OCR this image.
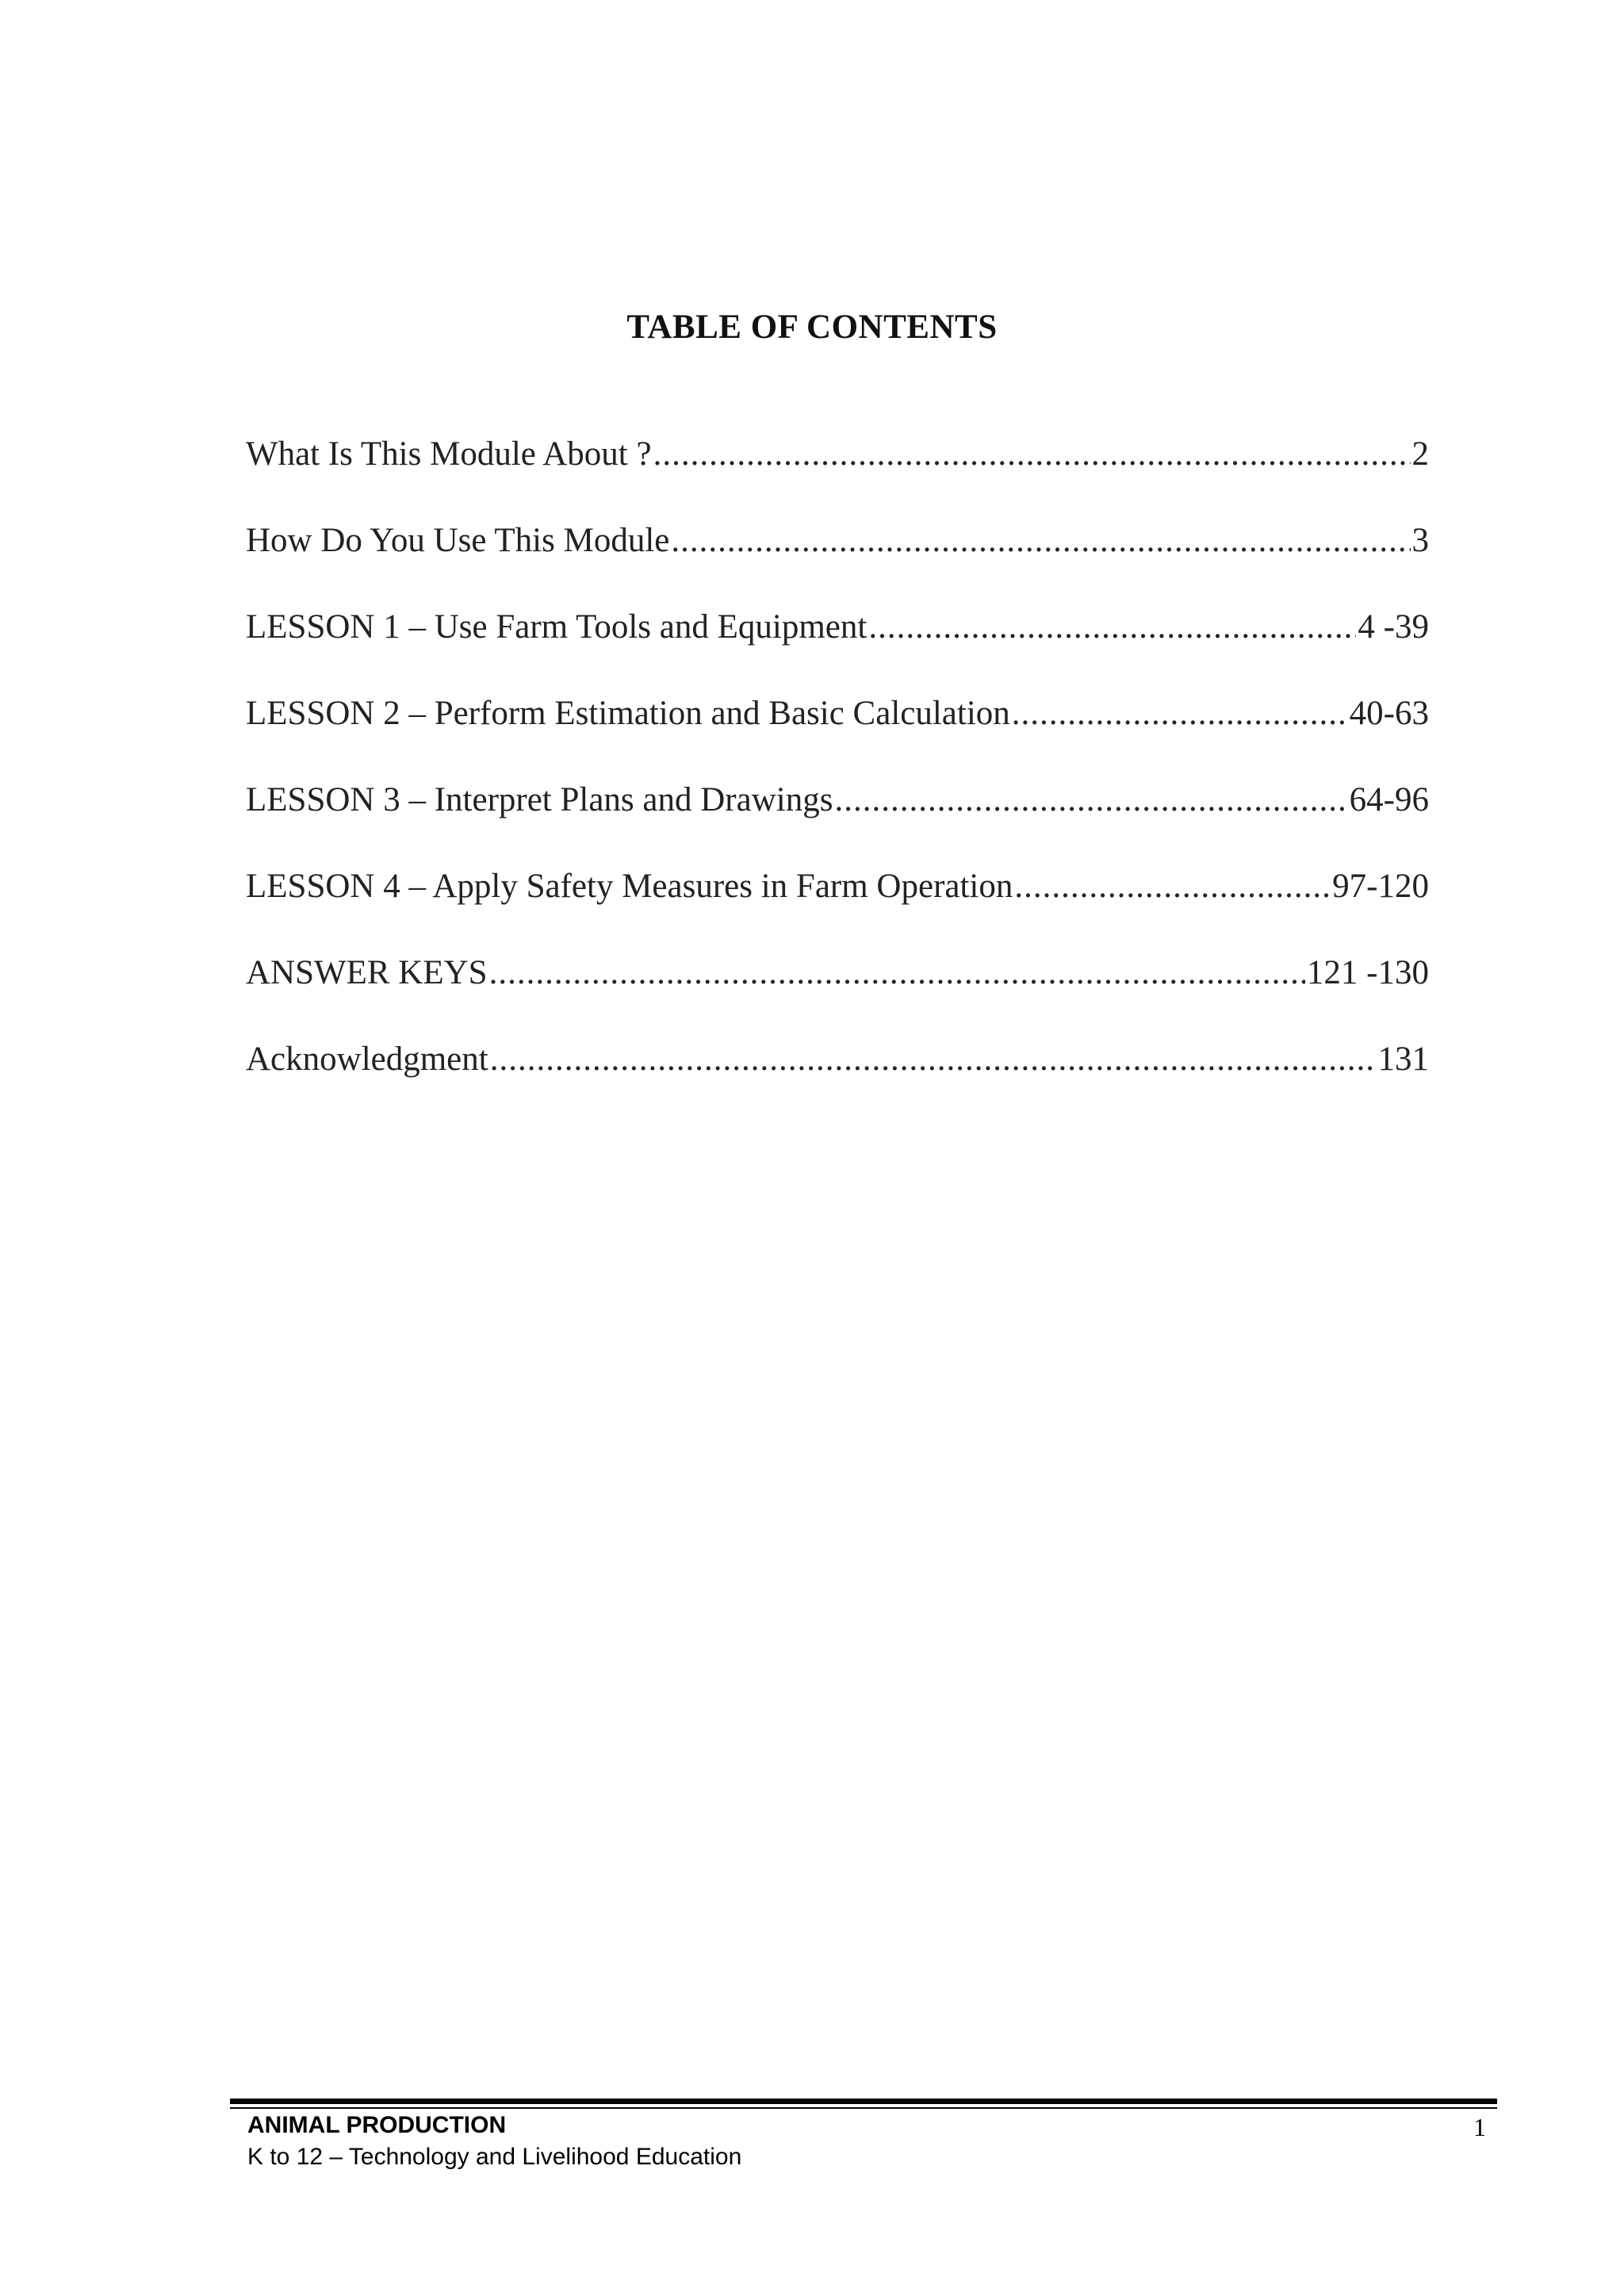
TABLE OF CONTENTS
What Is This Module About ? .....	2
How Do You Use This Module .....	3
LESSON 1 – Use Farm Tools and Equipment .....	4 -39
LESSON 2 – Perform Estimation and Basic Calculation .....	40-63
LESSON 3 – Interpret Plans and Drawings .....	64-96
LESSON 4 – Apply Safety Measures in Farm Operation .....	97-120
ANSWER KEYS .....	121 -130
Acknowledgment .....	131
ANIMAL PRODUCTION
K to 12 – Technology and Livelihood Education
1
